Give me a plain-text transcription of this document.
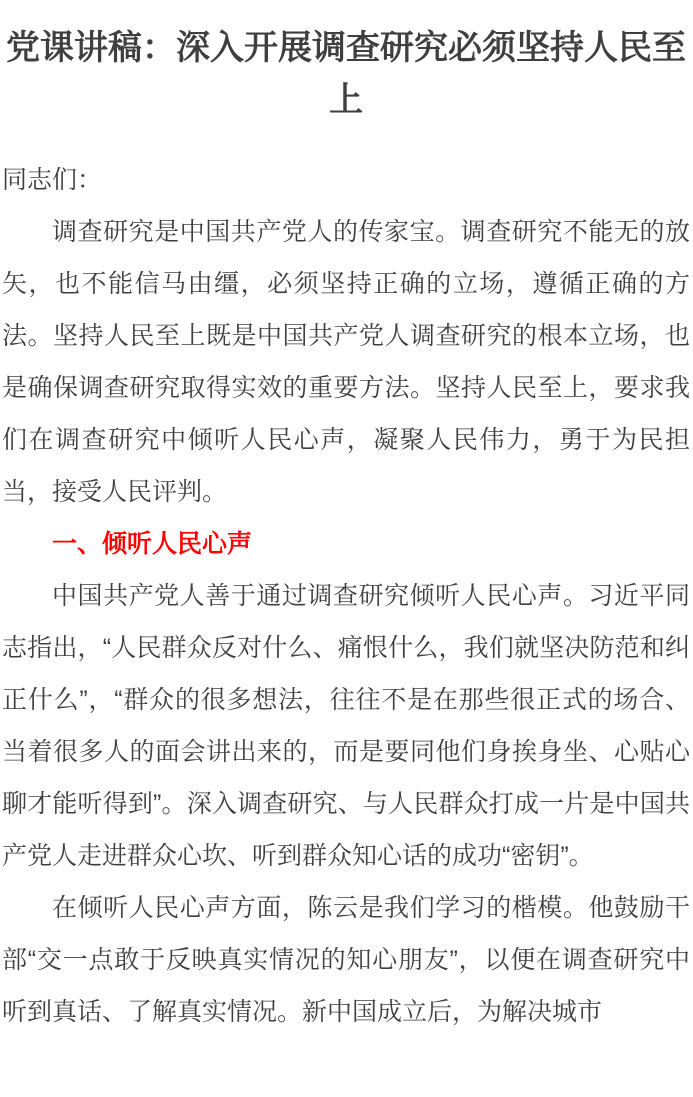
党课讲稿：深入开展调查研究必须坚持人民至上

同志们：

调查研究是中国共产党人的传家宝。调查研究不能无的放矢，也不能信马由缰，必须坚持正确的立场，遵循正确的方法。坚持人民至上既是中国共产党人调查研究的根本立场，也是确保调查研究取得实效的重要方法。坚持人民至上，要求我们在调查研究中倾听人民心声，凝聚人民伟力，勇于为民担当，接受人民评判。

一、倾听人民心声

中国共产党人善于通过调查研究倾听人民心声。习近平同志指出，“人民群众反对什么、痛恨什么，我们就坚决防范和纠正什么”，“群众的很多想法，往往不是在那些很正式的场合、当着很多人的面会讲出来的，而是要同他们身挨身坐、心贴心聊才能听得到”。深入调查研究、与人民群众打成一片是中国共产党人走进群众心坎、听到群众知心话的成功“密钥”。

在倾听人民心声方面，陈云是我们学习的楷模。他鼓励干部“交一点敢于反映真实情况的知心朋友”，以便在调查研究中听到真话、了解真实情况。新中国成立后，为解决城市
